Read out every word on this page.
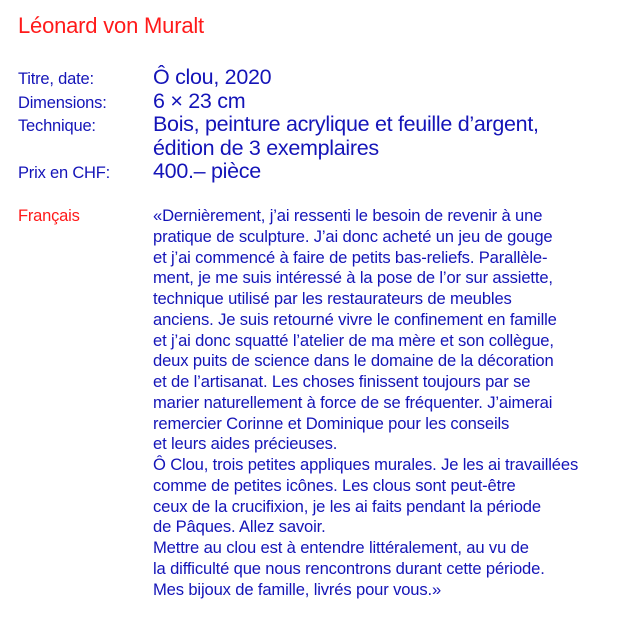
Léonard von Muralt
Titre, date:	Ô clou, 2020
Dimensions:	6 × 23 cm
Technique:	Bois, peinture acrylique et feuille d’argent,
édition de 3 exemplaires
Prix en CHF:	400.– pièce
Français	«Dernièrement, j’ai ressenti le besoin de revenir à une
pratique de sculpture. J’ai donc acheté un jeu de gouge
et j’ai commencé à faire de petits bas-reliefs. Parallèle-
ment, je me suis intéressé à la pose de l’or sur assiette,
technique utilisé par les restaurateurs de meubles
anciens. Je suis retourné vivre le confinement en famille
et j’ai donc squatté l’atelier de ma mère et son collègue,
deux puits de science dans le domaine de la décoration
et de l’artisanat. Les choses finissent toujours par se
marier naturellement à force de se fréquenter. J’aimerai
remercier Corinne et Dominique pour les conseils
et leurs aides précieuses.
Ô Clou, trois petites appliques murales. Je les ai travaillées
comme de petites icônes. Les clous sont peut-être
ceux de la crucifixion, je les ai faits pendant la période
de Pâques. Allez savoir.
Mettre au clou est à entendre littéralement, au vu de
la difficulté que nous rencontrons durant cette période.
Mes bijoux de famille, livrés pour vous.»
